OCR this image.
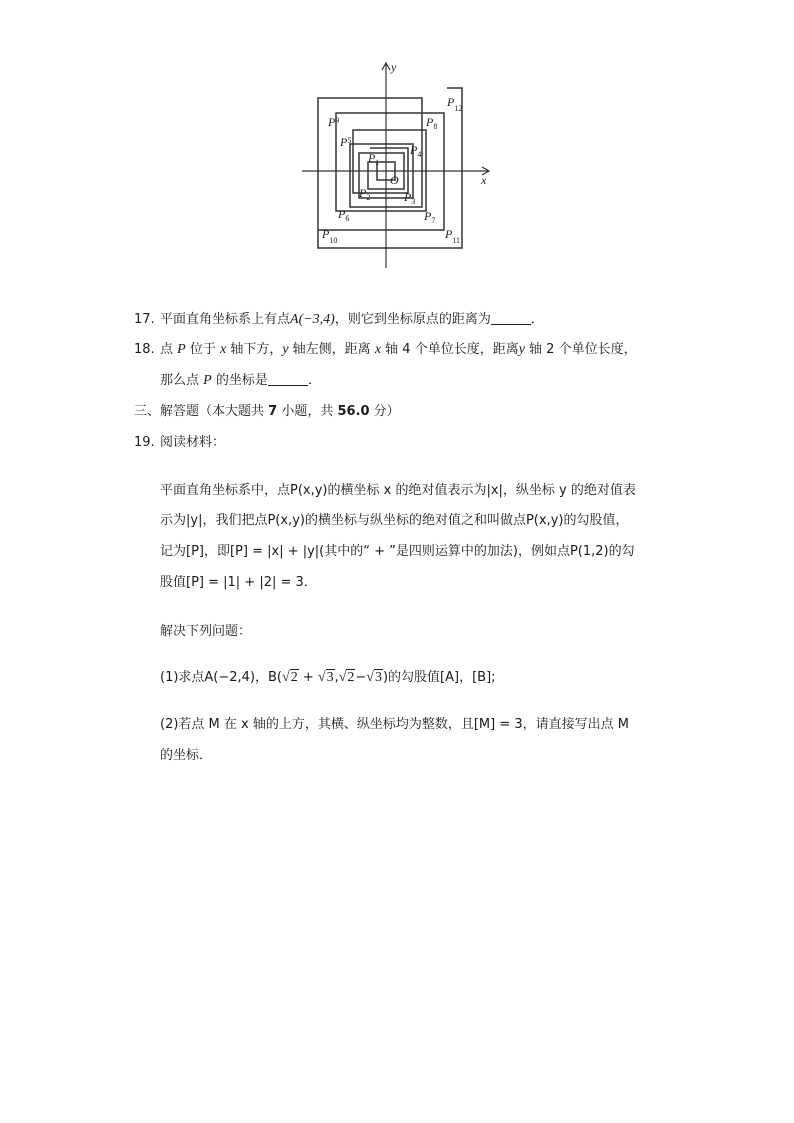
y
x
O
$P_1$
$P_2$	$P_3$
$P_4$
$P^5$
$P_6$	$P_7$
$P_8$
$P^9$
$P_{10}$	$P_{11}$
$P_{12}$
17. 平面直角坐标系上有点A(−3,4)，则它到坐标原点的距离为	．
18. 点 P 位于 x 轴下方，y 轴左侧，距离 x 轴 4 个单位长度，距离y 轴 2 个单位长度，
那么点 P 的坐标是	．
三、解答题（本大题共 7 小题，共 56.0 分）
19. 阅读材料：
平面直角坐标系中，点P(x,y)的横坐标 x 的绝对值表示为|x|，纵坐标 y 的绝对值表
示为|y|，我们把点P(x,y)的横坐标与纵坐标的绝对值之和叫做点P(x,y)的勾股值，
记为[P]，即[P] = |x| + |y|(其中的“ + ”是四则运算中的加法)，例如点P(1,2)的勾
股值[P] = |1| + |2| = 3．
解决下列问题：
(1)求点A(−2,4)，B(√2 + √3,√2−√3)的勾股值[A]，[B];
(2)若点 M 在 x 轴的上方，其横、纵坐标均为整数，且[M] = 3，请直接写出点 M
的坐标．
